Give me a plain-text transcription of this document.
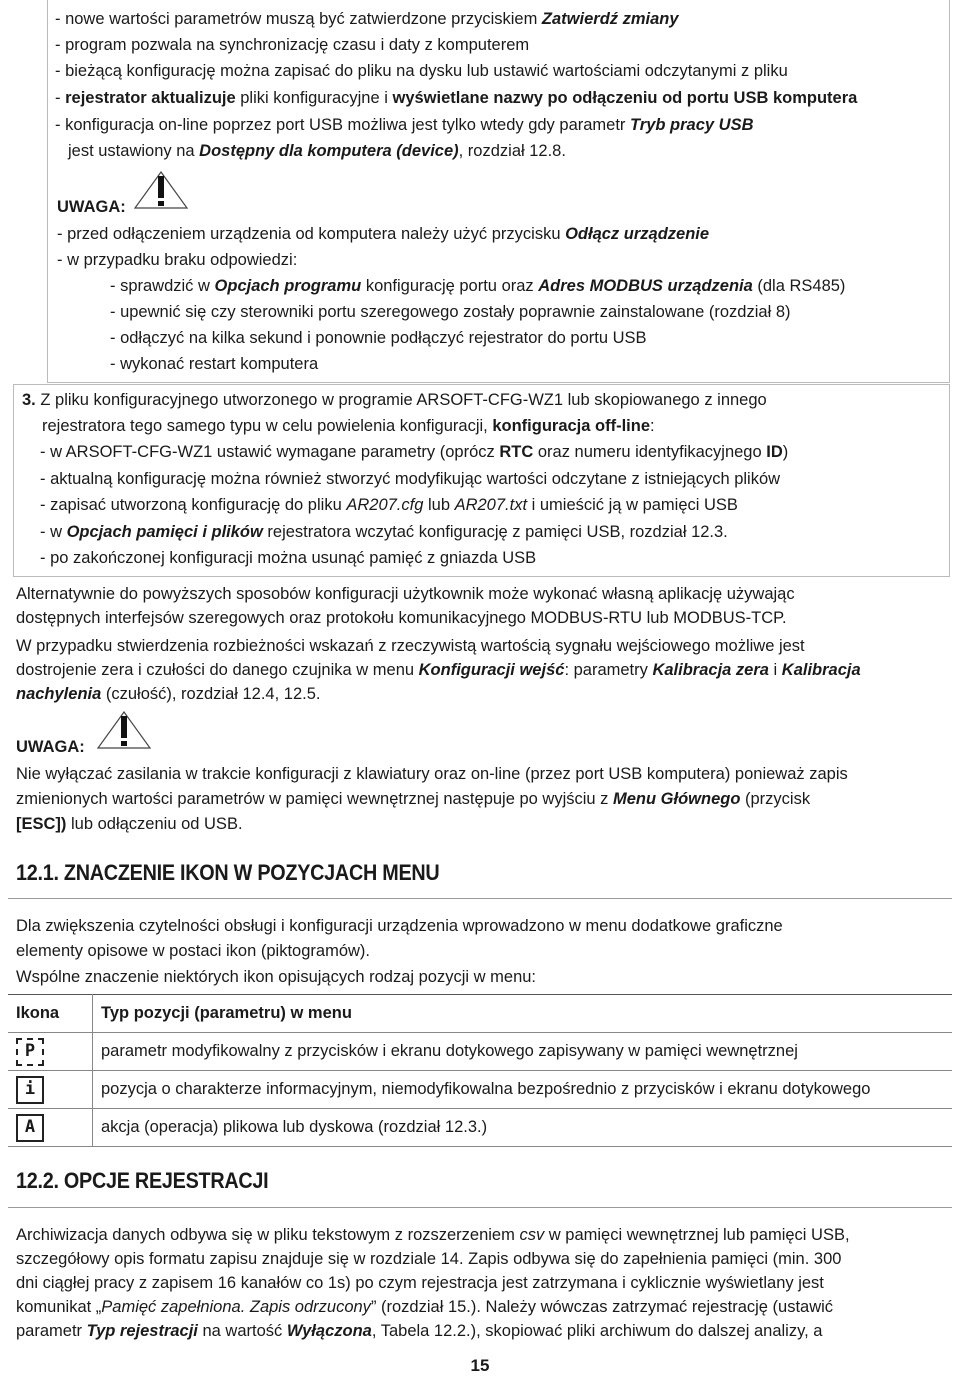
- nowe wartości parametrów muszą być zatwierdzone przyciskiem Zatwierdź zmiany
- program pozwala na synchronizację czasu i daty z komputerem
- bieżącą konfigurację można zapisać do pliku na dysku lub ustawić wartościami odczytanymi z pliku
- rejestrator aktualizuje pliki konfiguracyjne i wyświetlane nazwy po odłączeniu od portu USB komputera
- konfiguracja on-line poprzez port USB możliwa jest tylko wtedy gdy parametr Tryb pracy USB
jest ustawiony na Dostępny dla komputera (device), rozdział 12.8.
UWAGA:
- przed odłączeniem urządzenia od komputera należy użyć przycisku Odłącz urządzenie
- w przypadku braku odpowiedzi:
- sprawdzić w Opcjach programu konfigurację portu oraz Adres MODBUS urządzenia (dla RS485)
- upewnić się czy sterowniki portu szeregowego zostały poprawnie zainstalowane (rozdział 8)
- odłączyć na kilka sekund i ponownie podłączyć rejestrator do portu USB
- wykonać restart komputera
3. Z pliku konfiguracyjnego utworzonego w programie ARSOFT-CFG-WZ1 lub skopiowanego z innego
rejestratora tego samego typu w celu powielenia konfiguracji, konfiguracja off-line:
- w ARSOFT-CFG-WZ1 ustawić wymagane parametry (oprócz RTC oraz numeru identyfikacyjnego ID)
- aktualną konfigurację można również stworzyć modyfikując wartości odczytane z istniejących plików
- zapisać utworzoną konfigurację do pliku AR207.cfg lub AR207.txt i umieścić ją w pamięci USB
- w Opcjach pamięci i plików rejestratora wczytać konfigurację z pamięci USB, rozdział 12.3.
- po zakończonej konfiguracji można usunąć pamięć z gniazda USB
Alternatywnie do powyższych sposobów konfiguracji użytkownik może wykonać własną aplikację używając
dostępnych interfejsów szeregowych oraz protokołu komunikacyjnego MODBUS-RTU lub MODBUS-TCP.
W przypadku stwierdzenia rozbieżności wskazań z rzeczywistą wartością sygnału wejściowego możliwe jest
dostrojenie zera i czułości do danego czujnika w menu Konfiguracji wejść: parametry Kalibracja zera i Kalibracja
nachylenia (czułość), rozdział 12.4, 12.5.
UWAGA:
Nie wyłączać zasilania w trakcie konfiguracji z klawiatury oraz on-line (przez port USB komputera) ponieważ zapis
zmienionych wartości parametrów w pamięci wewnętrznej następuje po wyjściu z Menu Głównego (przycisk
[ESC]) lub odłączeniu od USB.
12.1. ZNACZENIE IKON W POZYCJACH MENU
Dla zwiększenia czytelności obsługi i konfiguracji urządzenia wprowadzono w menu dodatkowe graficzne
elementy opisowe w postaci ikon (piktogramów).
Wspólne znaczenie niektórych ikon opisujących rodzaj pozycji w menu:
Ikona	Typ pozycji (parametru) w menu
P	parametr modyfikowalny z przycisków i ekranu dotykowego zapisywany w pamięci wewnętrznej
i	pozycja o charakterze informacyjnym, niemodyfikowalna bezpośrednio z przycisków i ekranu dotykowego
A	akcja (operacja) plikowa lub dyskowa (rozdział 12.3.)
12.2. OPCJE REJESTRACJI
Archiwizacja danych odbywa się w pliku tekstowym z rozszerzeniem csv w pamięci wewnętrznej lub pamięci USB,
szczegółowy opis formatu zapisu znajduje się w rozdziale 14. Zapis odbywa się do zapełnienia pamięci (min. 300
dni ciągłej pracy z zapisem 16 kanałów co 1s) po czym rejestracja jest zatrzymana i cyklicznie wyświetlany jest
komunikat „Pamięć zapełniona. Zapis odrzucony” (rozdział 15.). Należy wówczas zatrzymać rejestrację (ustawić
parametr Typ rejestracji na wartość Wyłączona, Tabela 12.2.), skopiować pliki archiwum do dalszej analizy, a
15
